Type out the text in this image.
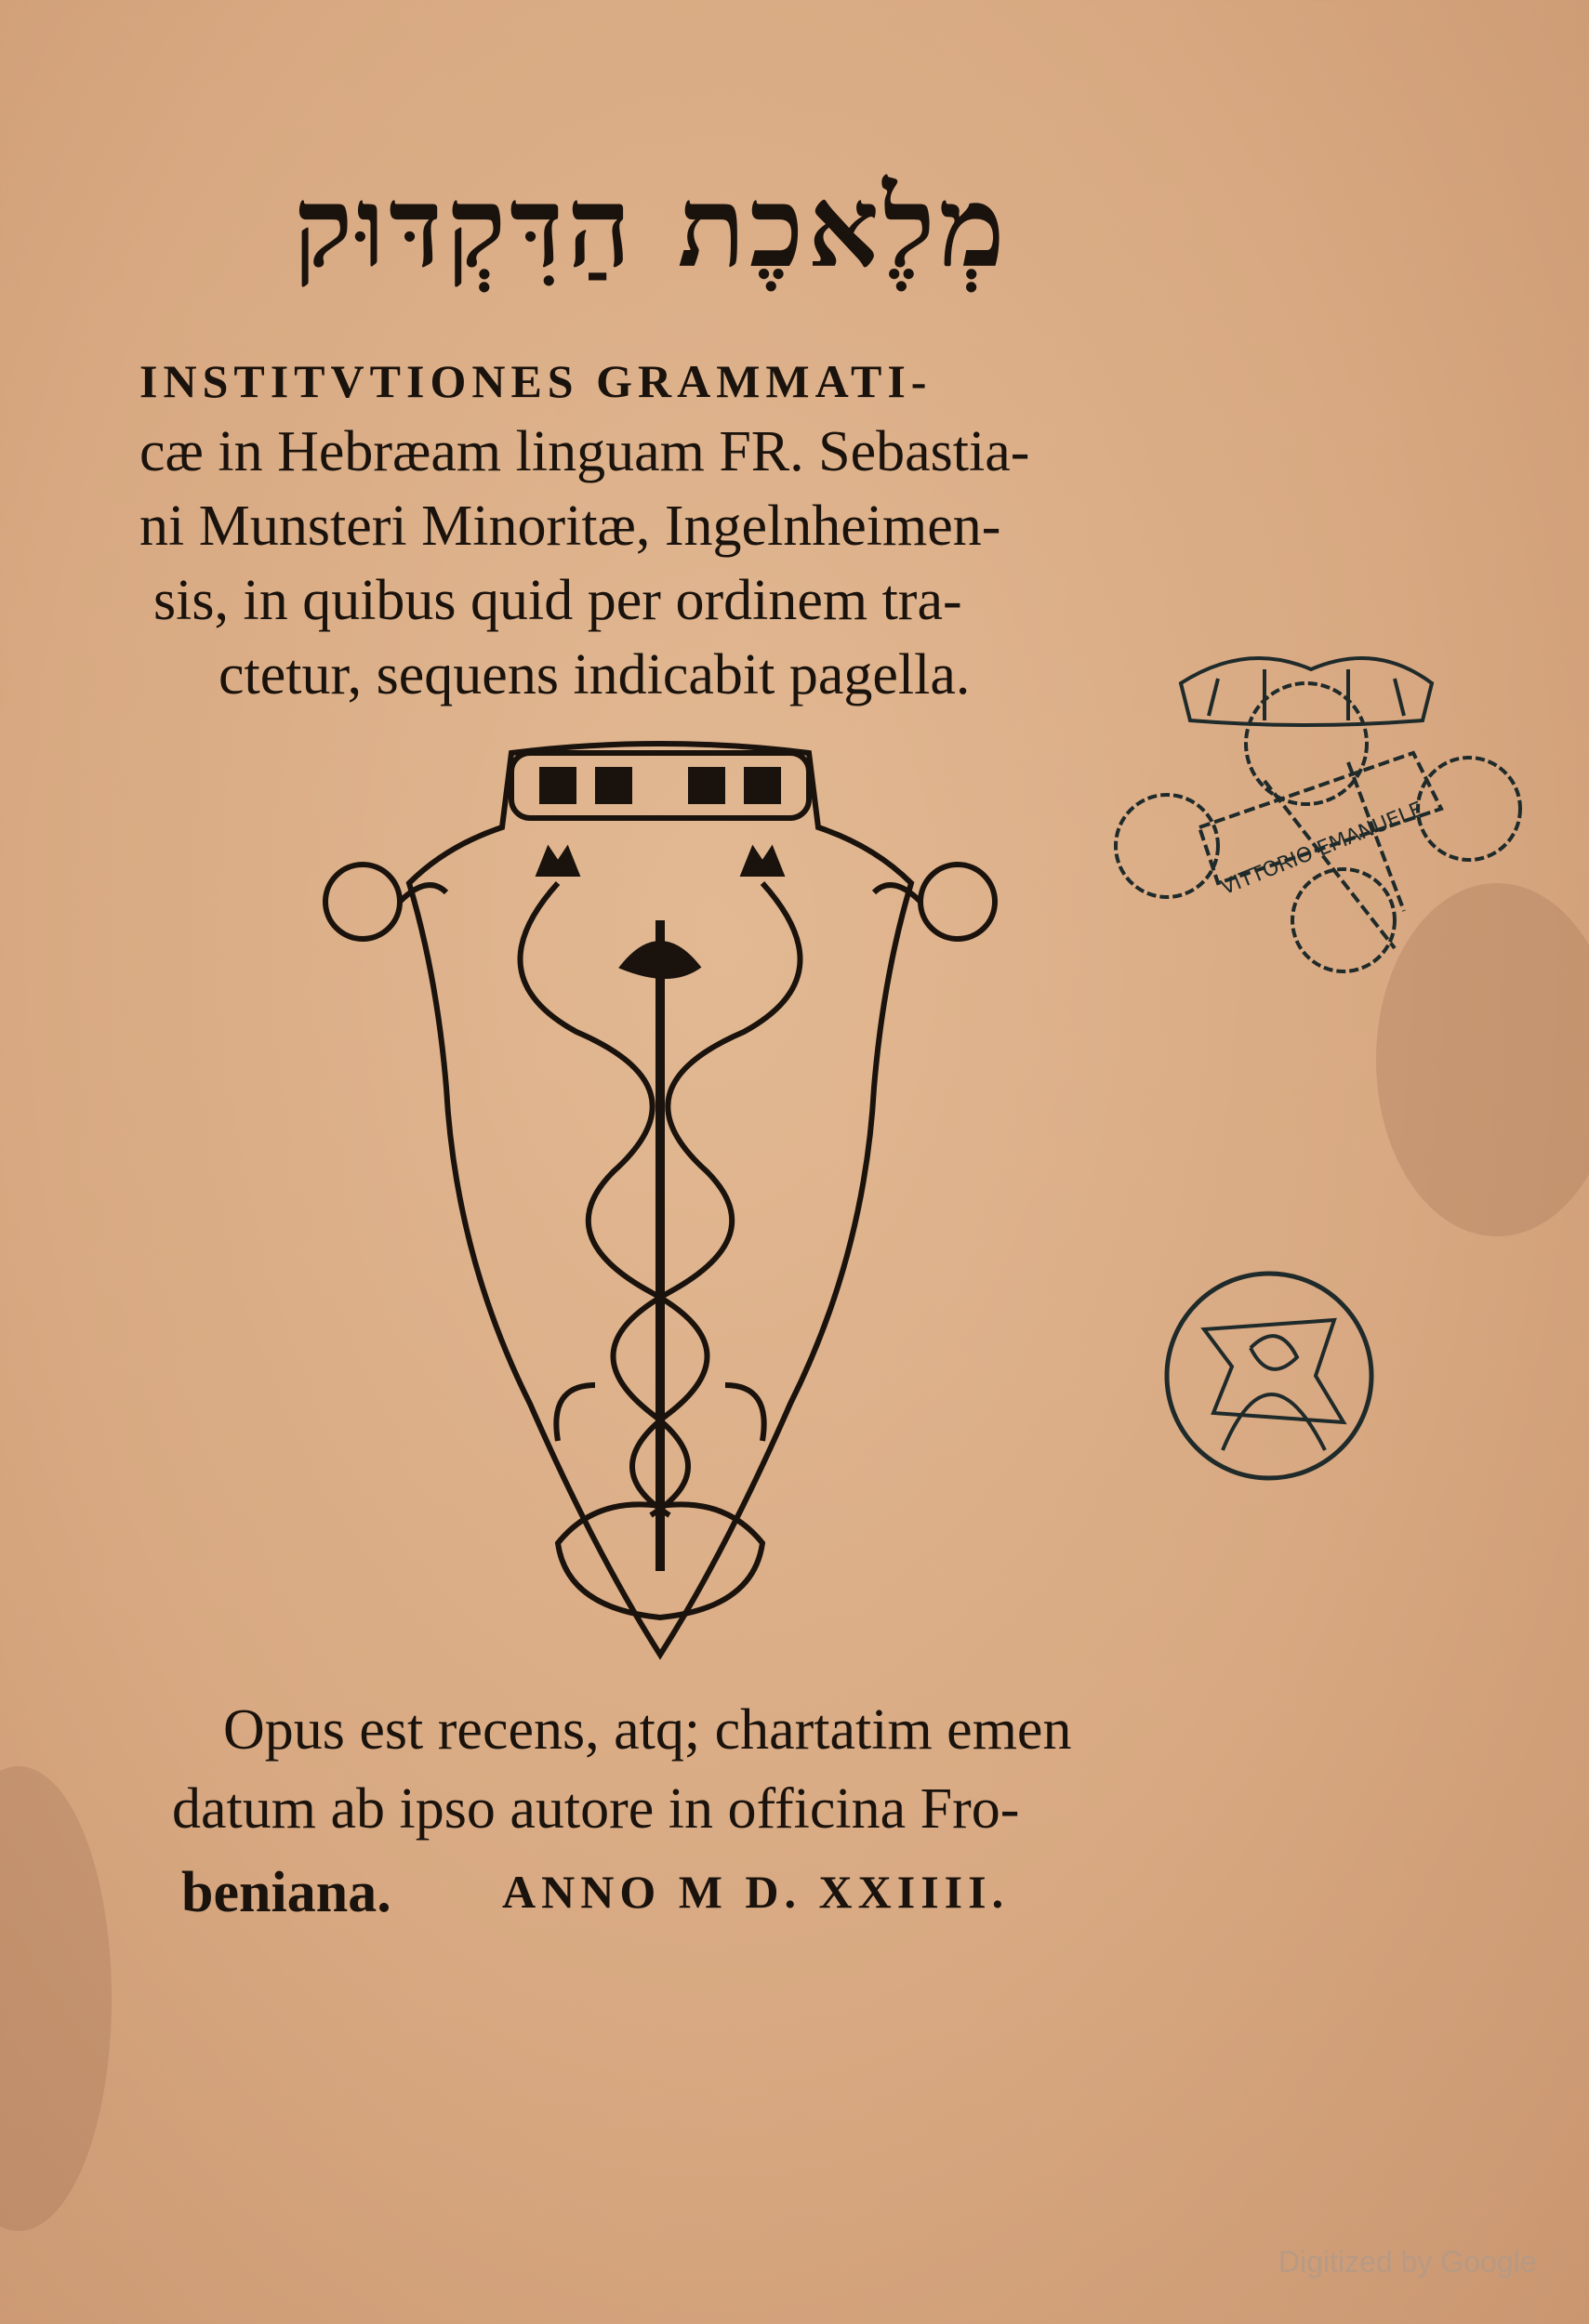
מְלֶאכֶת הַדִּקְדּוּק
INSTITVTIONES GRAMMATI-
cæ in Hebræam linguam FR. Sebastia-
ni Munsteri Minoritæ, Ingelnheimen-
sis, in quibus quid per ordinem tra-
ctetur, sequens indicabit pagella.
VITTORIO EMANUELE
Opus est recens, atq; chartatim emen
datum ab ipso autore in officina Fro-
beniana. ANNO M D. XXIIII.
Digitized by Google
